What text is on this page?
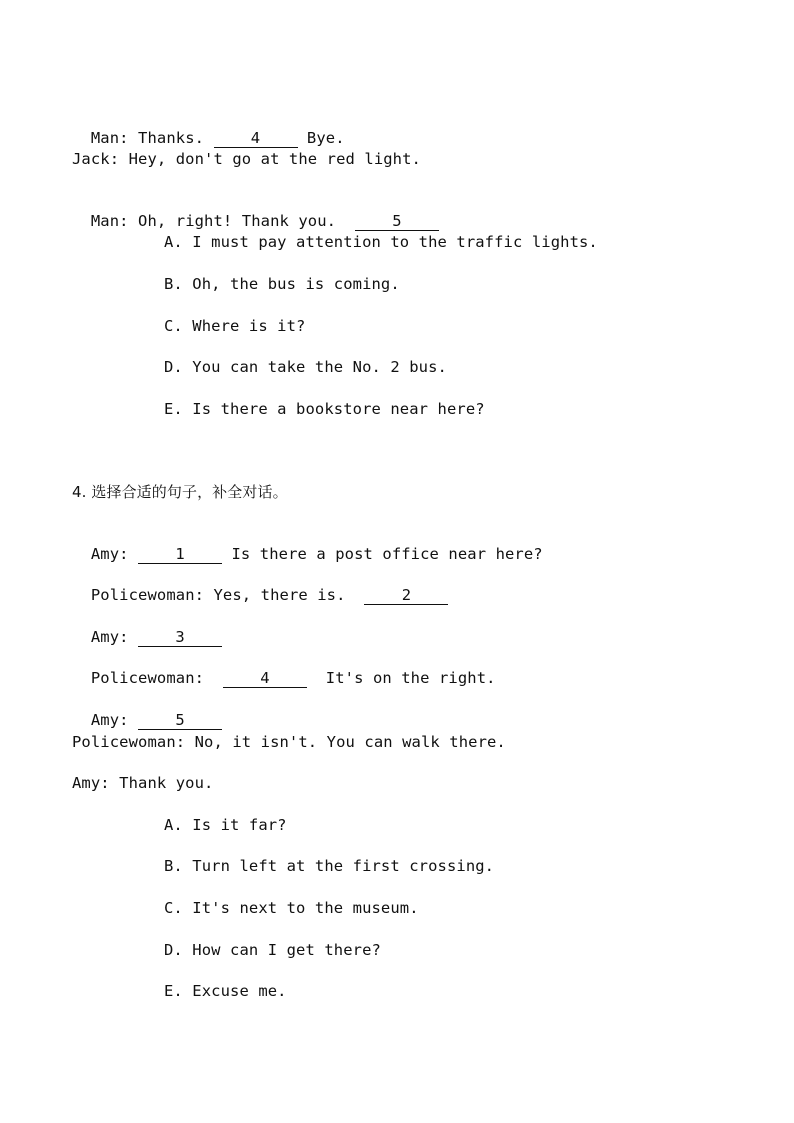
Man: Thanks. 4 Bye.

Jack: Hey, don't go at the red light.

Man: Oh, right! Thank you.  5

A. I must pay attention to the traffic lights.
B. Oh, the bus is coming.
C. Where is it?
D. You can take the No. 2 bus.
E. Is there a bookstore near here?
4. 选择合适的句子，补全对话。

Amy: 1 Is there a post office near here?

Policewoman: Yes, there is.  2

Amy: 3

Policewoman:  4  It's on the right.

Amy: 5

Policewoman: No, it isn't. You can walk there.
Amy: Thank you.
A. Is it far?
B. Turn left at the first crossing.
C. It's next to the museum.
D. How can I get there?
E. Excuse me.
